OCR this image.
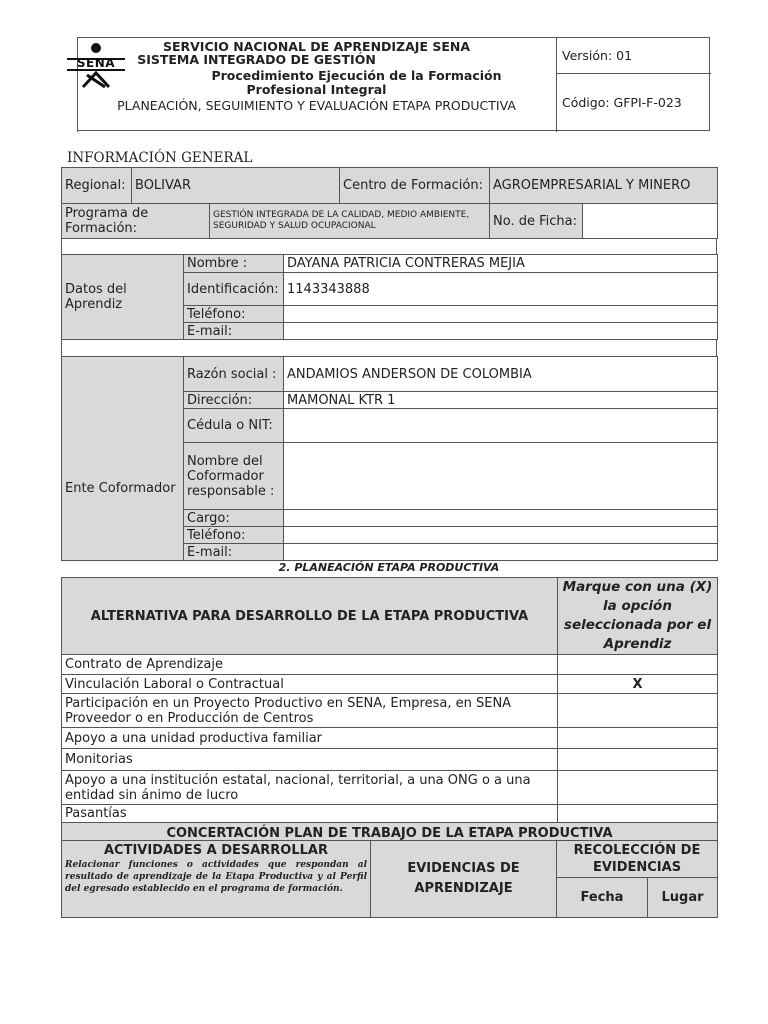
SENA
SERVICIO NACIONAL DE APRENDIZAJE SENA
SISTEMA INTEGRADO DE GESTIÓN
Procedimiento Ejecución de la Formación
Profesional Integral
PLANEACIÓN, SEGUIMIENTO Y EVALUACIÓN ETAPA PRODUCTIVA
Versión: 01
Código: GFPI-F-023
INFORMACIÓN GENERAL
Regional:	BOLIVAR	Centro de Formación:	AGROEMPRESARIAL Y MINERO
Programa de Formación:	GESTIÓN INTEGRADA DE LA CALIDAD, MEDIO AMBIENTE, SEGURIDAD Y SALUD OCUPACIONAL	No. de Ficha:	
Datos del Aprendiz	Nombre :	DAYANA PATRICIA CONTRERAS MEJIA
	Identificación:	1143343888
	Teléfono:	
	E-mail:	
Ente Coformador	Razón social :	ANDAMIOS ANDERSON DE COLOMBIA
	Dirección:	MAMONAL KTR 1
	Cédula o NIT:	
	Nombre del Coformador responsable :	
	Cargo:	
	Teléfono:	
	E-mail:	
2. PLANEACIÓN ETAPA PRODUCTIVA
ALTERNATIVA PARA DESARROLLO DE LA ETAPA PRODUCTIVA	Marque con una (X) la opción seleccionada por el Aprendiz
Contrato de Aprendizaje	
Vinculación Laboral o Contractual	X
Participación en un Proyecto Productivo en SENA, Empresa, en SENA Proveedor o en Producción de Centros	
Apoyo a una unidad productiva familiar	
Monitorias	
Apoyo a una institución estatal, nacional, territorial, a una ONG o a una entidad sin ánimo de lucro	
Pasantías	
CONCERTACIÓN PLAN DE TRABAJO DE LA ETAPA PRODUCTIVA	
ACTIVIDADES A DESARROLLAR
Relacionar funciones o actividades que respondan al resultado de aprendizaje de la Etapa Productiva y al Perfil del egresado establecido en el programa de formación.	EVIDENCIAS DE APRENDIZAJE	RECOLECCIÓN DE EVIDENCIAS	
		Fecha	Lugar
